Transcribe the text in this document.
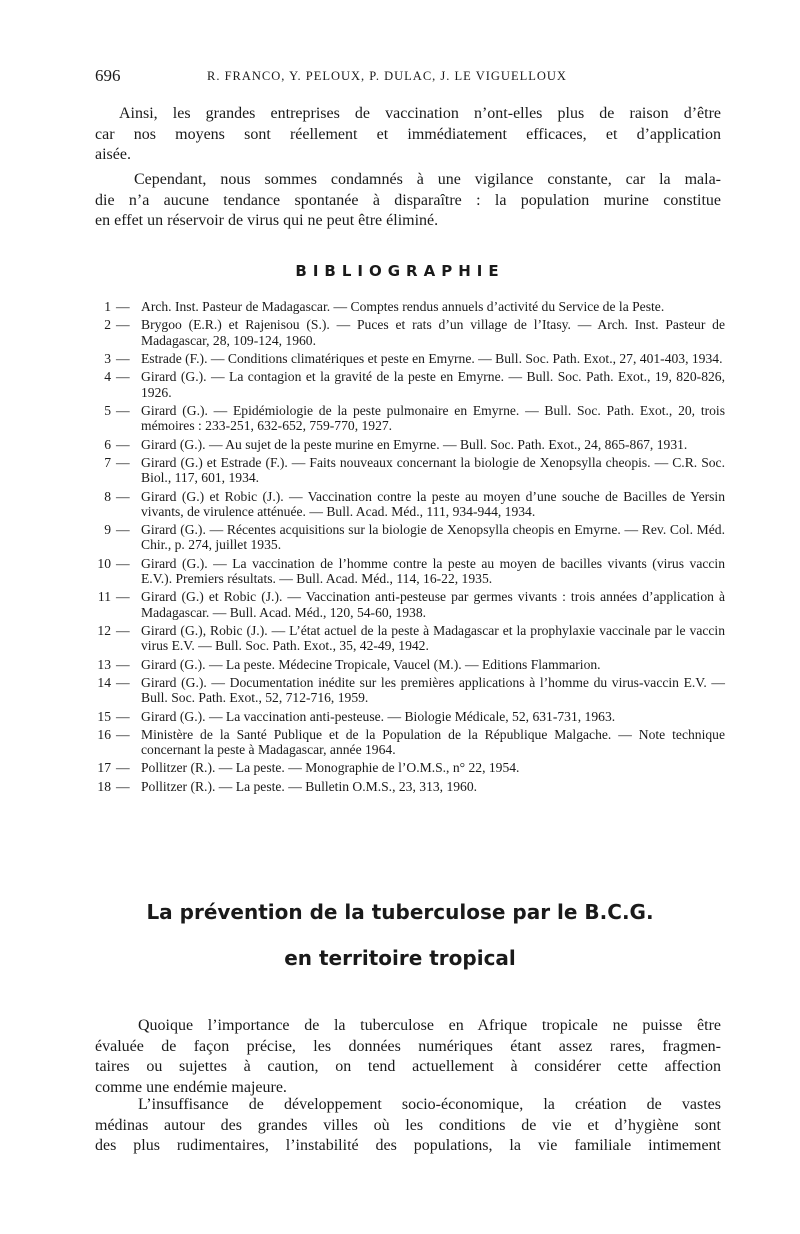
696	R. FRANCO, Y. PELOUX, P. DULAC, J. LE VIGUELLOUX

Ainsi, les grandes entreprises de vaccination n’ont-elles plus de raison d’être
car nos moyens sont réellement et immédiatement efficaces, et d’application
aisée.

Cependant, nous sommes condamnés à une vigilance constante, car la mala-
die n’a aucune tendance spontanée à disparaître : la population murine constitue
en effet un réservoir de virus qui ne peut être éliminé.

BIBLIOGRAPHIE
1 — Arch. Inst. Pasteur de Madagascar. — Comptes rendus annuels d’activité du Service de la Peste.
2 — Brygoo (E.R.) et Rajenisou (S.). — Puces et rats d’un village de l’Itasy. — Arch. Inst. Pasteur de Madagascar, 28, 109-124, 1960.
3 — Estrade (F.). — Conditions climatériques et peste en Emyrne. — Bull. Soc. Path. Exot., 27, 401-403, 1934.
4 — Girard (G.). — La contagion et la gravité de la peste en Emyrne. — Bull. Soc. Path. Exot., 19, 820-826, 1926.
5 — Girard (G.). — Epidémiologie de la peste pulmonaire en Emyrne. — Bull. Soc. Path. Exot., 20, trois mémoires : 233-251, 632-652, 759-770, 1927.
6 — Girard (G.). — Au sujet de la peste murine en Emyrne. — Bull. Soc. Path. Exot., 24, 865-867, 1931.
7 — Girard (G.) et Estrade (F.). — Faits nouveaux concernant la biologie de Xenopsylla cheopis. — C.R. Soc. Biol., 117, 601, 1934.
8 — Girard (G.) et Robic (J.). — Vaccination contre la peste au moyen d’une souche de Bacilles de Yersin vivants, de virulence atténuée. — Bull. Acad. Méd., 111, 934-944, 1934.
9 — Girard (G.). — Récentes acquisitions sur la biologie de Xenopsylla cheopis en Emyrne. — Rev. Col. Méd. Chir., p. 274, juillet 1935.
10 — Girard (G.). — La vaccination de l’homme contre la peste au moyen de bacilles vivants (virus vaccin E.V.). Premiers résultats. — Bull. Acad. Méd., 114, 16-22, 1935.
11 — Girard (G.) et Robic (J.). — Vaccination anti-pesteuse par germes vivants : trois années d’application à Madagascar. — Bull. Acad. Méd., 120, 54-60, 1938.
12 — Girard (G.), Robic (J.). — L’état actuel de la peste à Madagascar et la prophylaxie vaccinale par le vaccin virus E.V. — Bull. Soc. Path. Exot., 35, 42-49, 1942.
13 — Girard (G.). — La peste. Médecine Tropicale, Vaucel (M.). — Editions Flammarion.
14 — Girard (G.). — Documentation inédite sur les premières applications à l’homme du virus-vaccin E.V. — Bull. Soc. Path. Exot., 52, 712-716, 1959.
15 — Girard (G.). — La vaccination anti-pesteuse. — Biologie Médicale, 52, 631-731, 1963.
16 — Ministère de la Santé Publique et de la Population de la République Malgache. — Note technique concernant la peste à Madagascar, année 1964.
17 — Pollitzer (R.). — La peste. — Monographie de l’O.M.S., n° 22, 1954.
18 — Pollitzer (R.). — La peste. — Bulletin O.M.S., 23, 313, 1960.
La prévention de la tuberculose par le B.C.G.
en territoire tropical

Quoique l’importance de la tuberculose en Afrique tropicale ne puisse être
évaluée de façon précise, les données numériques étant assez rares, fragmen-
taires ou sujettes à caution, on tend actuellement à considérer cette affection
comme une endémie majeure.

L’insuffisance de développement socio-économique, la création de vastes
médinas autour des grandes villes où les conditions de vie et d’hygiène sont
des plus rudimentaires, l’instabilité des populations, la vie familiale intimement
